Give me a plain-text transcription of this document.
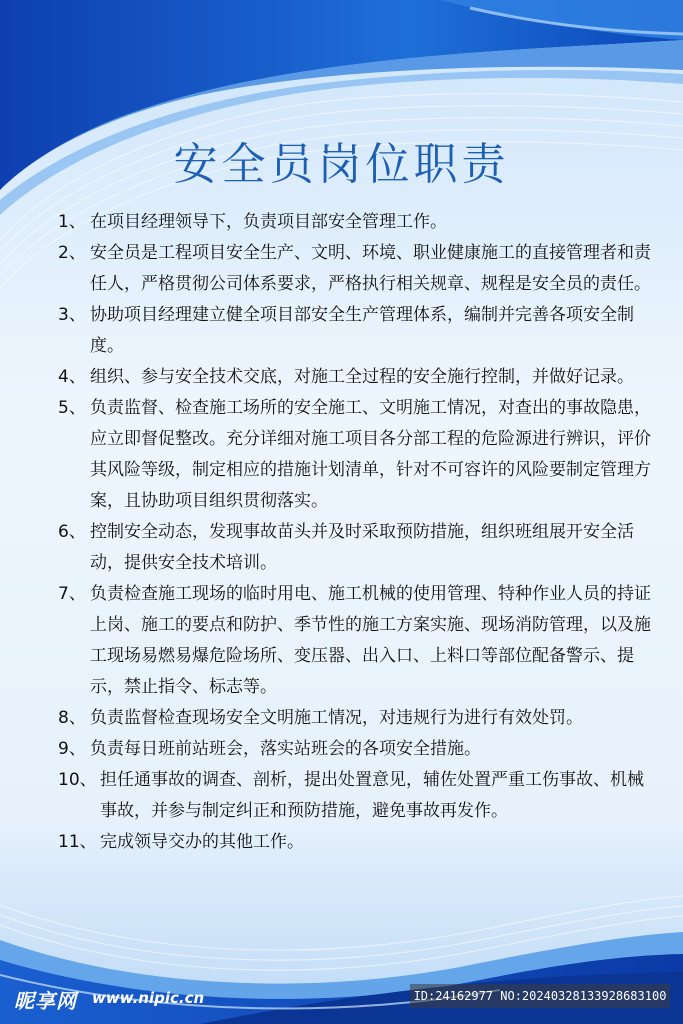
安全员岗位职责
1、 在项目经理领导下，负责项目部安全管理工作。
2、 安全员是工程项目安全生产、文明、环境、职业健康施工的直接管理者和责任人，严格贯彻公司体系要求，严格执行相关规章、规程是安全员的责任。
3、 协助项目经理建立健全项目部安全生产管理体系，编制并完善各项安全制度。
4、 组织、参与安全技术交底，对施工全过程的安全施行控制，并做好记录。
5、 负责监督、检查施工场所的安全施工、文明施工情况，对查出的事故隐患，应立即督促整改。充分详细对施工项目各分部工程的危险源进行辨识，评价其风险等级，制定相应的措施计划清单，针对不可容许的风险要制定管理方案，且协助项目组织贯彻落实。
6、 控制安全动态，发现事故苗头并及时采取预防措施，组织班组展开安全活动，提供安全技术培训。
7、 负责检查施工现场的临时用电、施工机械的使用管理、特种作业人员的持证上岗、施工的要点和防护、季节性的施工方案实施、现场消防管理，以及施工现场易燃易爆危险场所、变压器、出入口、上料口等部位配备警示、提示，禁止指令、标志等。
8、 负责监督检查现场安全文明施工情况，对违规行为进行有效处罚。
9、 负责每日班前站班会，落实站班会的各项安全措施。
10、 担任通事故的调查、剖析，提出处置意见，辅佐处置严重工伤事故、机械事故，并参与制定纠正和预防措施，避免事故再发作。
11、 完成领导交办的其他工作。
昵享网 www.nipic.cn	ID:24162977 NO:20240328133928683100
